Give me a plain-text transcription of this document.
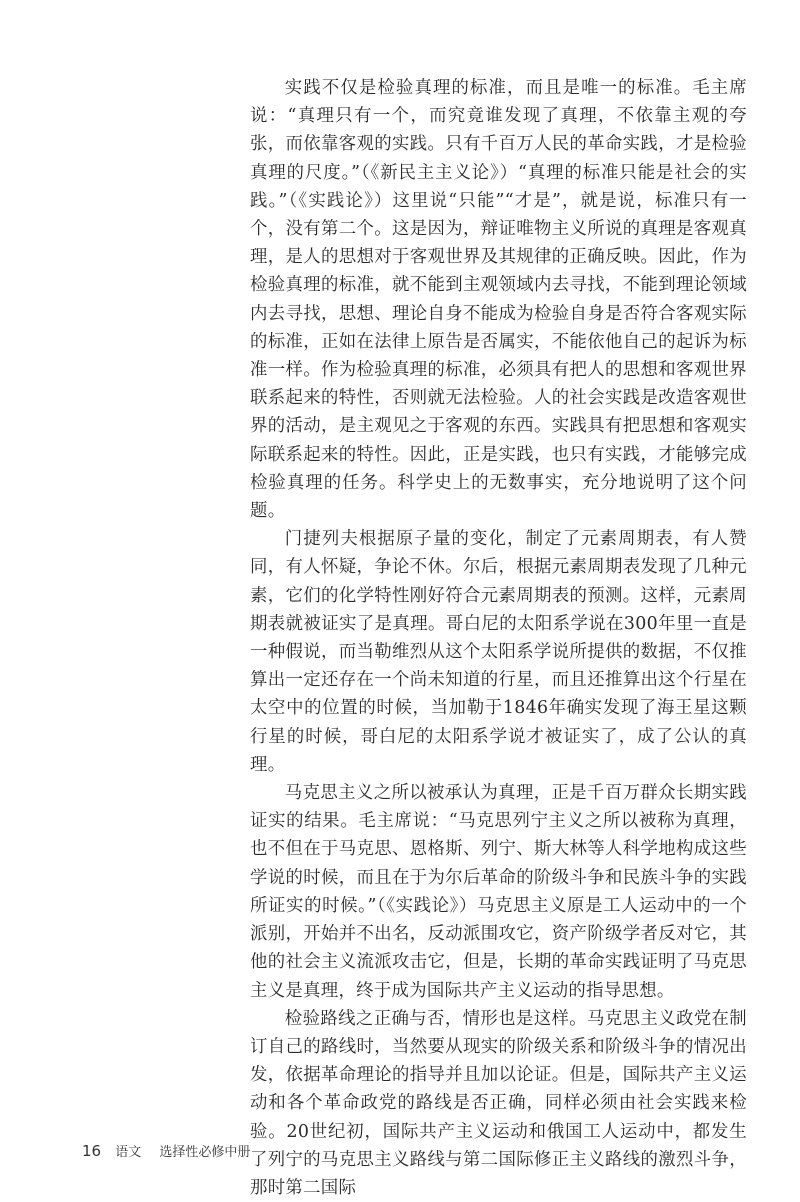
实践不仅是检验真理的标准，而且是唯一的标准。毛主席说：“真理只有一个，而究竟谁发现了真理，不依靠主观的夸张，而依靠客观的实践。只有千百万人民的革命实践，才是检验真理的尺度。”（《新民主主义论》）“真理的标准只能是社会的实践。”（《实践论》）这里说“只能”“才是”，就是说，标准只有一个，没有第二个。这是因为，辩证唯物主义所说的真理是客观真理，是人的思想对于客观世界及其规律的正确反映。因此，作为检验真理的标准，就不能到主观领域内去寻找，不能到理论领域内去寻找，思想、理论自身不能成为检验自身是否符合客观实际的标准，正如在法律上原告是否属实，不能依他自己的起诉为标准一样。作为检验真理的标准，必须具有把人的思想和客观世界联系起来的特性，否则就无法检验。人的社会实践是改造客观世界的活动，是主观见之于客观的东西。实践具有把思想和客观实际联系起来的特性。因此，正是实践，也只有实践，才能够完成检验真理的任务。科学史上的无数事实，充分地说明了这个问题。

门捷列夫根据原子量的变化，制定了元素周期表，有人赞同，有人怀疑，争论不休。尔后，根据元素周期表发现了几种元素，它们的化学特性刚好符合元素周期表的预测。这样，元素周期表就被证实了是真理。哥白尼的太阳系学说在300年里一直是一种假说，而当勒维烈从这个太阳系学说所提供的数据，不仅推算出一定还存在一个尚未知道的行星，而且还推算出这个行星在太空中的位置的时候，当加勒于1846年确实发现了海王星这颗行星的时候，哥白尼的太阳系学说才被证实了，成了公认的真理。

马克思主义之所以被承认为真理，正是千百万群众长期实践证实的结果。毛主席说：“马克思列宁主义之所以被称为真理，也不但在于马克思、恩格斯、列宁、斯大林等人科学地构成这些学说的时候，而且在于为尔后革命的阶级斗争和民族斗争的实践所证实的时候。”（《实践论》）马克思主义原是工人运动中的一个派别，开始并不出名，反动派围攻它，资产阶级学者反对它，其他的社会主义流派攻击它，但是，长期的革命实践证明了马克思主义是真理，终于成为国际共产主义运动的指导思想。

检验路线之正确与否，情形也是这样。马克思主义政党在制订自己的路线时，当然要从现实的阶级关系和阶级斗争的情况出发，依据革命理论的指导并且加以论证。但是，国际共产主义运动和各个革命政党的路线是否正确，同样必须由社会实践来检验。20世纪初，国际共产主义运动和俄国工人运动中，都发生了列宁的马克思主义路线与第二国际修正主义路线的激烈斗争，那时第二国际

16 语文 选择性必修中册
